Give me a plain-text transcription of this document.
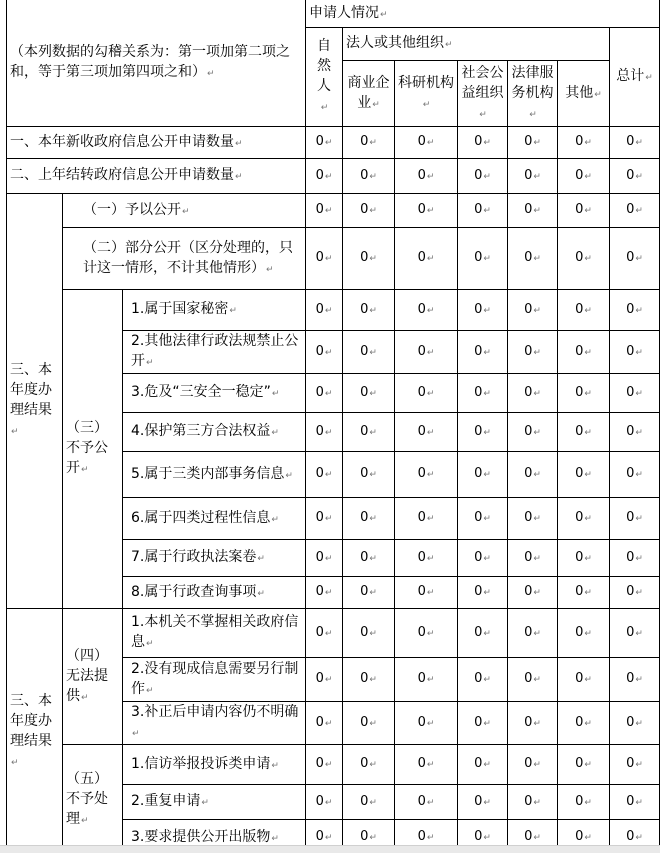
（本列数据的勾稽关系为：第一项加第二项之和，等于第三项加第四项之和） ↵			申请人情况 ↵
			自然人 ↵	法人或其他组织 ↵					总计 ↵
				商业企业 ↵	科研机构 ↵	社会公益组织 ↵	法律服务机构 ↵	其他 ↵
一、本年新收政府信息公开申请数量 ↵			0 ↵	0 ↵	0 ↵	0 ↵	0 ↵	0 ↵	0 ↵
二、上年结转政府信息公开申请数量 ↵			0 ↵	0 ↵	0 ↵	0 ↵	0 ↵	0 ↵	0 ↵
三、本年度办理结果 ↵	（一）予以公开 ↵		0 ↵	0 ↵	0 ↵	0 ↵	0 ↵	0 ↵	0 ↵
	（二）部分公开（区分处理的，只计这一情形，不计其他情形） ↵		0 ↵	0 ↵	0 ↵	0 ↵	0 ↵	0 ↵	0 ↵
	（三）不予公开 ↵	1.属于国家秘密 ↵	0 ↵	0 ↵	0 ↵	0 ↵	0 ↵	0 ↵	0 ↵
		2.其他法律行政法规禁止公开 ↵	0 ↵	0 ↵	0 ↵	0 ↵	0 ↵	0 ↵	0 ↵
		3.危及“三安全一稳定” ↵	0 ↵	0 ↵	0 ↵	0 ↵	0 ↵	0 ↵	0 ↵
		4.保护第三方合法权益 ↵	0 ↵	0 ↵	0 ↵	0 ↵	0 ↵	0 ↵	0 ↵
		5.属于三类内部事务信息 ↵	0 ↵	0 ↵	0 ↵	0 ↵	0 ↵	0 ↵	0 ↵
		6.属于四类过程性信息 ↵	0 ↵	0 ↵	0 ↵	0 ↵	0 ↵	0 ↵	0 ↵
		7.属于行政执法案卷 ↵	0 ↵	0 ↵	0 ↵	0 ↵	0 ↵	0 ↵	0 ↵
		8.属于行政查询事项 ↵	0 ↵	0 ↵	0 ↵	0 ↵	0 ↵	0 ↵	0 ↵
三、本年度办理结果 ↵	（四）无法提供 ↵	1.本机关不掌握相关政府信息 ↵	0 ↵	0 ↵	0 ↵	0 ↵	0 ↵	0 ↵	0 ↵
		2.没有现成信息需要另行制作 ↵	0 ↵	0 ↵	0 ↵	0 ↵	0 ↵	0 ↵	0 ↵
		3.补正后申请内容仍不明确 ↵	0 ↵	0 ↵	0 ↵	0 ↵	0 ↵	0 ↵	0 ↵
	（五）不予处理 ↵	1.信访举报投诉类申请 ↵	0 ↵	0 ↵	0 ↵	0 ↵	0 ↵	0 ↵	0 ↵
		2.重复申请 ↵	0 ↵	0 ↵	0 ↵	0 ↵	0 ↵	0 ↵	0 ↵
		3.要求提供公开出版物 ↵	0 ↵	0 ↵	0 ↵	0 ↵	0 ↵	0 ↵	0 ↵
